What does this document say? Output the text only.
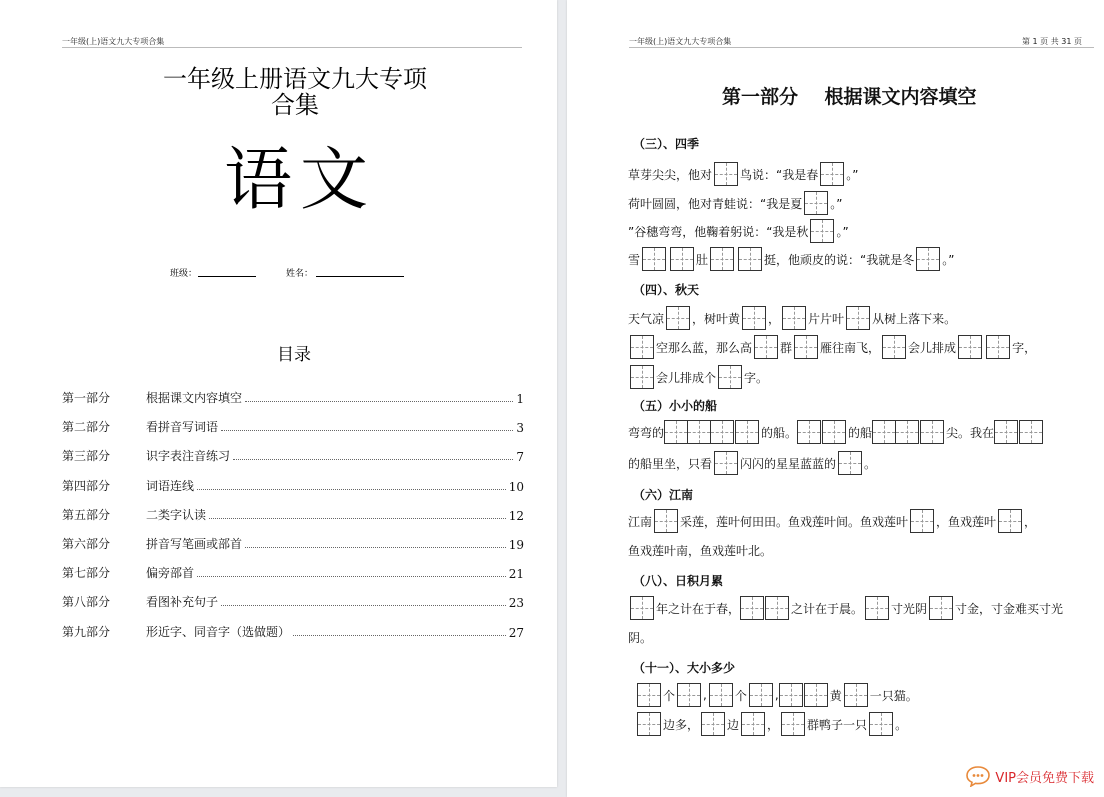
一年级(上)语文九大专项合集
一年级上册语文九大专项
合集
语文
班级：	姓名：
目录
第一部分	根据课文内容填空	1
第二部分	看拼音写词语	3
第三部分	识字表注音练习	7
第四部分	词语连线	10
第五部分	二类字认读	12
第六部分	拼音写笔画或部首	19
第七部分	偏旁部首	21
第八部分	看图补充句子	23
第九部分	形近字、同音字（选做题）	27
一年级(上)语文九大专项合集	第 1 页 共 31 页
第一部分    根据课文内容填空
（三）、四季
草芽尖尖，他对 鸟说：“我是春 。”
荷叶圆圆，他对青蛙说：“我是夏 。”
”谷穗弯弯，他鞠着躬说：“我是秋 。”
雪	肚	挺，他顽皮的说：“我就是冬 。”
（四）、秋天
天气凉 ，树叶黄 ， 片片叶 从树上落下来。
空那么蓝，那么高 群 雁往南飞， 会儿排成	字，
会儿排成个 字。
（五）小小的船
弯弯的	的船。	的船	尖。我在
的船里坐，只看 闪闪的星星蓝蓝的 。
（六）江南
江南 采莲，莲叶何田田。鱼戏莲叶间。鱼戏莲叶 ，鱼戏莲叶 ，
鱼戏莲叶南，鱼戏莲叶北。
（八）、日积月累
年之计在于春，	之计在于晨。 寸光阴 寸金，寸金难买寸光
阴。
（十一）、大小多少
个 , 个 ,	黄 一只猫。
边多， 边 ， 群鸭子一只 。
VIP会员免费下载
